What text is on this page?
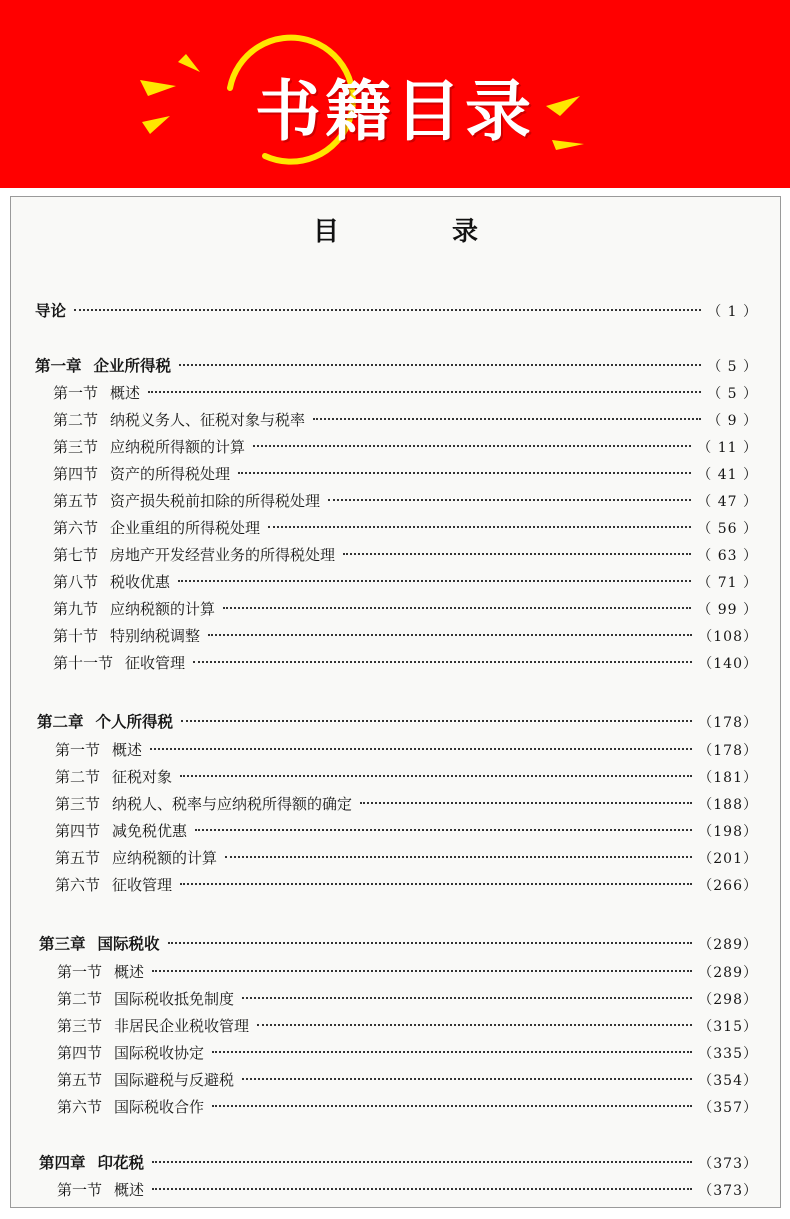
书籍目录
目 录
导论	（ 1 ）
第一章 企业所得税	（ 5 ）
第一节 概述	（ 5 ）
第二节 纳税义务人、征税对象与税率	（ 9 ）
第三节 应纳税所得额的计算	（ 11 ）
第四节 资产的所得税处理	（ 41 ）
第五节 资产损失税前扣除的所得税处理	（ 47 ）
第六节 企业重组的所得税处理	（ 56 ）
第七节 房地产开发经营业务的所得税处理	（ 63 ）
第八节 税收优惠	（ 71 ）
第九节 应纳税额的计算	（ 99 ）
第十节 特别纳税调整	（108）
第十一节 征收管理	（140）
第二章 个人所得税	（178）
第一节 概述	（178）
第二节 征税对象	（181）
第三节 纳税人、税率与应纳税所得额的确定	（188）
第四节 减免税优惠	（198）
第五节 应纳税额的计算	（201）
第六节 征收管理	（266）
第三章 国际税收	（289）
第一节 概述	（289）
第二节 国际税收抵免制度	（298）
第三节 非居民企业税收管理	（315）
第四节 国际税收协定	（335）
第五节 国际避税与反避税	（354）
第六节 国际税收合作	（357）
第四章 印花税	（373）
第一节 概述	（373）
